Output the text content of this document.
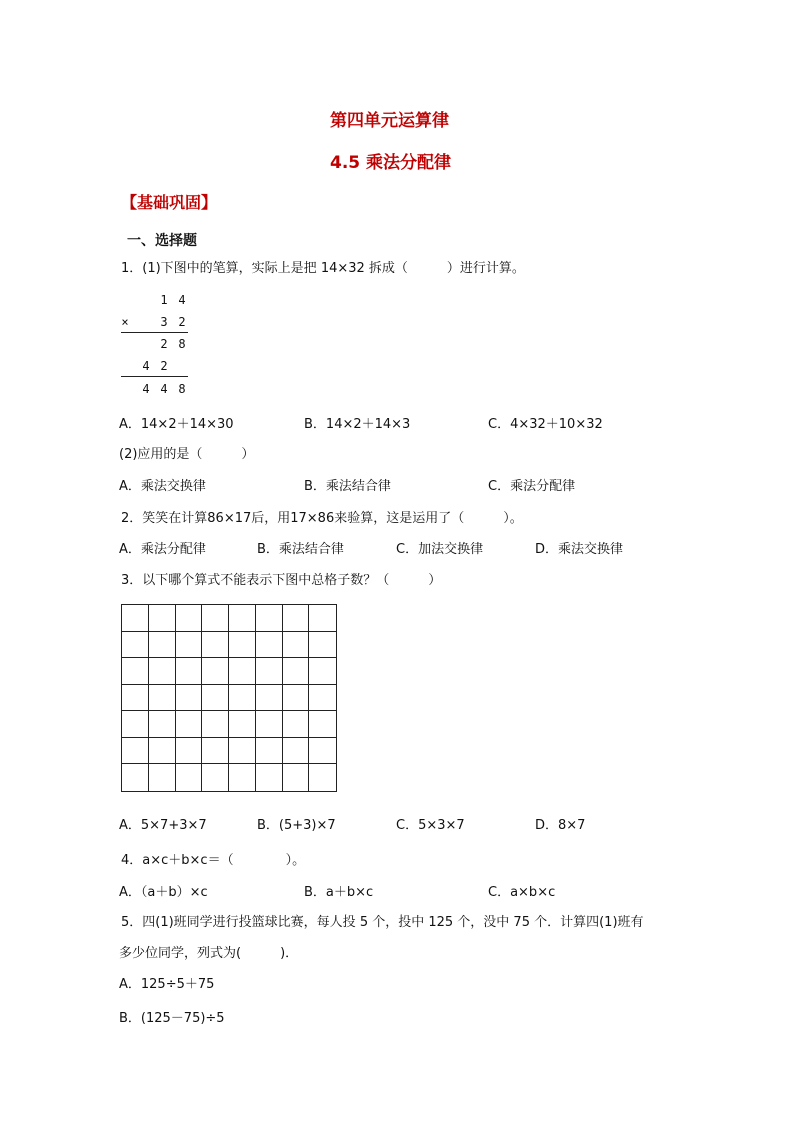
第四单元运算律
4.5 乘法分配律
【基础巩固】
一、选择题
1．(1)下图中的笔算，实际上是把 14×32 拆成（　　　）进行计算。
1 4
×	3 2
2 8
4 2
4 4 8
A．14×2＋14×30	B．14×2＋14×3	C．4×32＋10×32
(2)应用的是（　　　）
A．乘法交换律	B．乘法结合律	C．乘法分配律
2．笑笑在计算86×17后，用17×86来验算，这是运用了（　　　）。
A．乘法分配律	B．乘法结合律	C．加法交换律	D．乘法交换律
3．以下哪个算式不能表示下图中总格子数？（　　　）
A．5×7+3×7	B．(5+3)×7	C．5×3×7	D．8×7
4．a×c＋b×c＝（　　　　）。
A．（a＋b）×c	B．a＋b×c	C．a×b×c
5．四(1)班同学进行投篮球比赛，每人投 5 个，投中 125 个，没中 75 个．计算四(1)班有
多少位同学，列式为(　　　)．
A．125÷5＋75
B．(125－75)÷5
